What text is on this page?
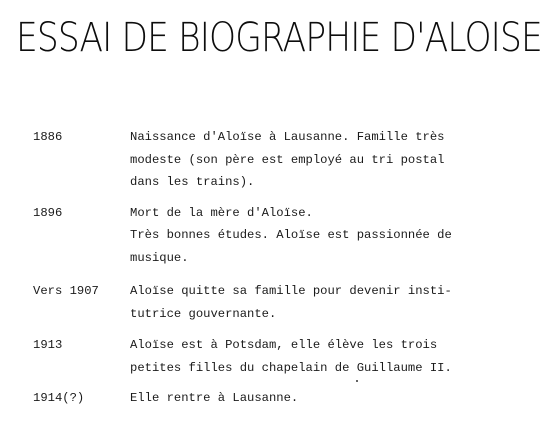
ESSAI DE BIOGRAPHIE D'ALOISE
1886	Naissance d'Aloïse à Lausanne. Famille très
modeste (son père est employé au tri postal
dans les trains).
1896	Mort de la mère d'Aloïse.
Très bonnes études. Aloïse est passionnée de
musique.
Vers 1907	Aloïse quitte sa famille pour devenir insti-
tutrice gouvernante.
1913	Aloïse est à Potsdam, elle élève les trois
petites filles du chapelain de Guillaume II.
1914(?)	Elle rentre à Lausanne.
